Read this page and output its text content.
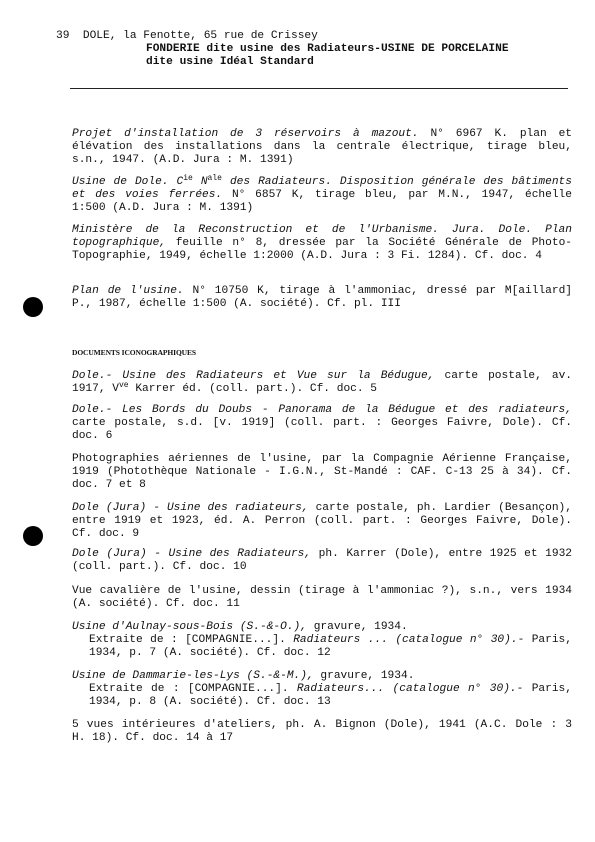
39  DOLE, la Fenotte, 65 rue de Crissey
FONDERIE dite usine des Radiateurs-USINE DE PORCELAINE
dite usine Idéal Standard
Projet d'installation de 3 réservoirs à mazout. N° 6967 K. plan et élévation des installations dans la centrale électrique, tirage bleu, s.n., 1947. (A.D. Jura : M. 1391)
Usine de Dole. $C^{ie}$ $N^{ale}$ des Radiateurs. Disposition générale des bâtiments et des voies ferrées. N° 6857 K, tirage bleu, par M.N., 1947, échelle 1:500 (A.D. Jura : M. 1391)
Ministère de la Reconstruction et de l'Urbanisme. Jura. Dole. Plan topographique, feuille n° 8, dressée par la Société Générale de Photo-Topographie, 1949, échelle 1:2000 (A.D. Jura : 3 Fi. 1284). Cf. doc. 4
Plan de l'usine. N° 10750 K, tirage à l'ammoniac, dressé par M[aillard] P., 1987, échelle 1:500 (A. société). Cf. pl. III
DOCUMENTS ICONOGRAPHIQUES
Dole.- Usine des Radiateurs et Vue sur la Bédugue, carte postale, av. 1917, $V^{ve}$ Karrer éd. (coll. part.). Cf. doc. 5
Dole.- Les Bords du Doubs - Panorama de la Bédugue et des radiateurs, carte postale, s.d. [v. 1919] (coll. part. : Georges Faivre, Dole). Cf. doc. 6
Photographies aériennes de l'usine, par la Compagnie Aérienne Française, 1919 (Photothèque Nationale - I.G.N., St-Mandé : CAF. C-13 25 à 34). Cf. doc. 7 et 8
Dole (Jura) - Usine des radiateurs, carte postale, ph. Lardier (Besançon), entre 1919 et 1923, éd. A. Perron (coll. part. : Georges Faivre, Dole). Cf. doc. 9
Dole (Jura) - Usine des Radiateurs, ph. Karrer (Dole), entre 1925 et 1932 (coll. part.). Cf. doc. 10
Vue cavalière de l'usine, dessin (tirage à l'ammoniac ?), s.n., vers 1934 (A. société). Cf. doc. 11
Usine d'Aulnay-sous-Bois (S.-&-O.), gravure, 1934.
Extraite de : [COMPAGNIE...]. Radiateurs ... (catalogue n° 30).- Paris, 1934, p. 7 (A. société). Cf. doc. 12
Usine de Dammarie-les-Lys (S.-&-M.), gravure, 1934.
Extraite de : [COMPAGNIE...]. Radiateurs... (catalogue n° 30).- Paris, 1934, p. 8 (A. société). Cf. doc. 13
5 vues intérieures d'ateliers, ph. A. Bignon (Dole), 1941 (A.C. Dole : 3 H. 18). Cf. doc. 14 à 17
